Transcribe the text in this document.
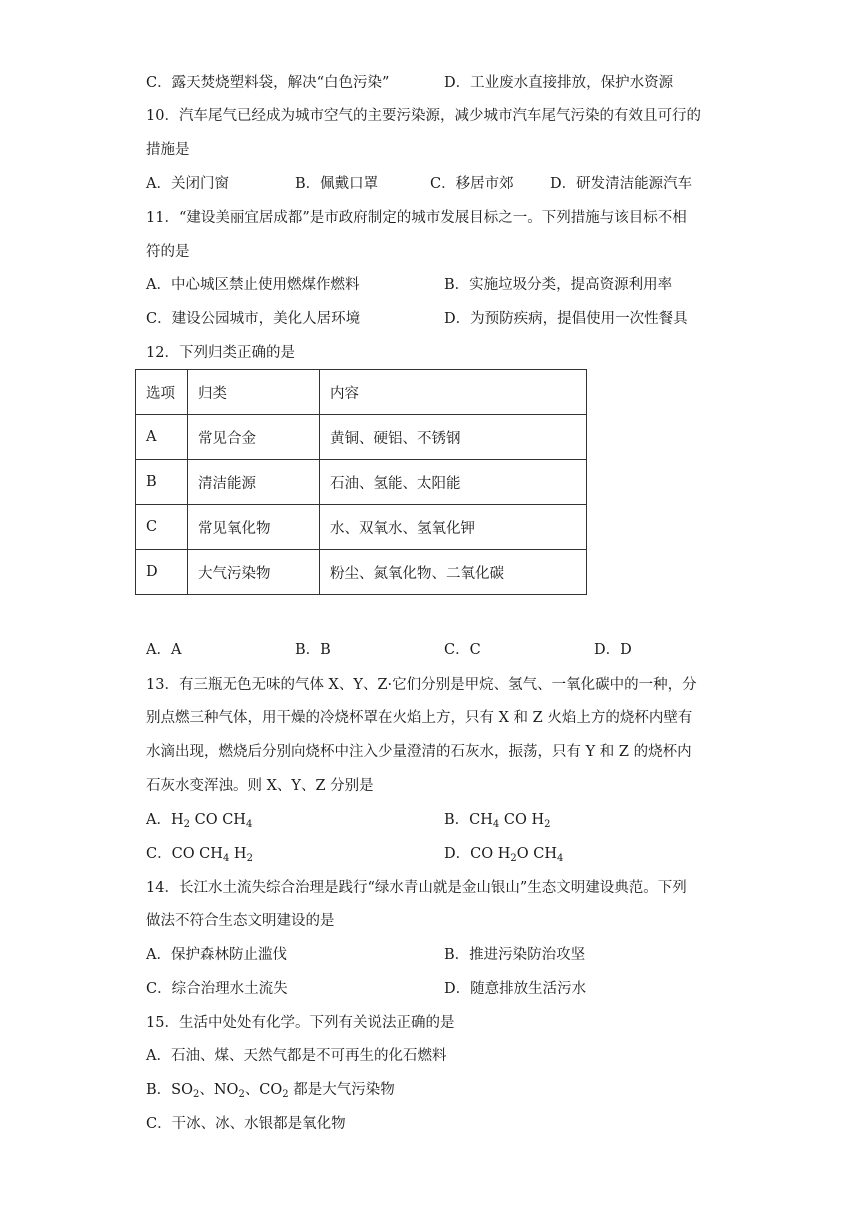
C．露天焚烧塑料袋，解决“白色污染”	D．工业废水直接排放，保护水资源
10．汽车尾气已经成为城市空气的主要污染源，减少城市汽车尾气污染的有效且可行的
措施是
A．关闭门窗	B．佩戴口罩	C．移居市郊	D．研发清洁能源汽车
11．“建设美丽宜居成都”是市政府制定的城市发展目标之一。下列措施与该目标不相
符的是
A．中心城区禁止使用燃煤作燃料	B．实施垃圾分类，提高资源利用率
C．建设公园城市，美化人居环境	D．为预防疾病，提倡使用一次性餐具
12．下列归类正确的是
选项	归类	内容
A	常见合金	黄铜、硬铝、不锈钢
B	清洁能源	石油、氢能、太阳能
C	常见氧化物	水、双氧水、氢氧化钾
D	大气污染物	粉尘、氮氧化物、二氧化碳
A．A	B．B	C．C	D．D
13．有三瓶无色无味的气体 X、Y、Z·它们分别是甲烷、氢气、一氧化碳中的一种，分
别点燃三种气体，用干燥的冷烧杯罩在火焰上方，只有 X 和 Z 火焰上方的烧杯内壁有
水滴出现，燃烧后分别向烧杯中注入少量澄清的石灰水，振荡，只有 Y 和 Z 的烧杯内
石灰水变浑浊。则 X、Y、Z 分别是
A．$H_2$ CO $CH_4$	B．$CH_4$ CO $H_2$
C．CO $CH_4$ $H_2$	D．CO $H_2O$ $CH_4$
14．长江水土流失综合治理是践行“绿水青山就是金山银山”生态文明建设典范。下列
做法不符合生态文明建设的是
A．保护森林防止滥伐	B．推进污染防治攻坚
C．综合治理水土流失	D．随意排放生活污水
15．生活中处处有化学。下列有关说法正确的是
A．石油、煤、天然气都是不可再生的化石燃料
B．$SO_2$、$NO_2$、$CO_2$ 都是大气污染物
C．干冰、冰、水银都是氧化物
